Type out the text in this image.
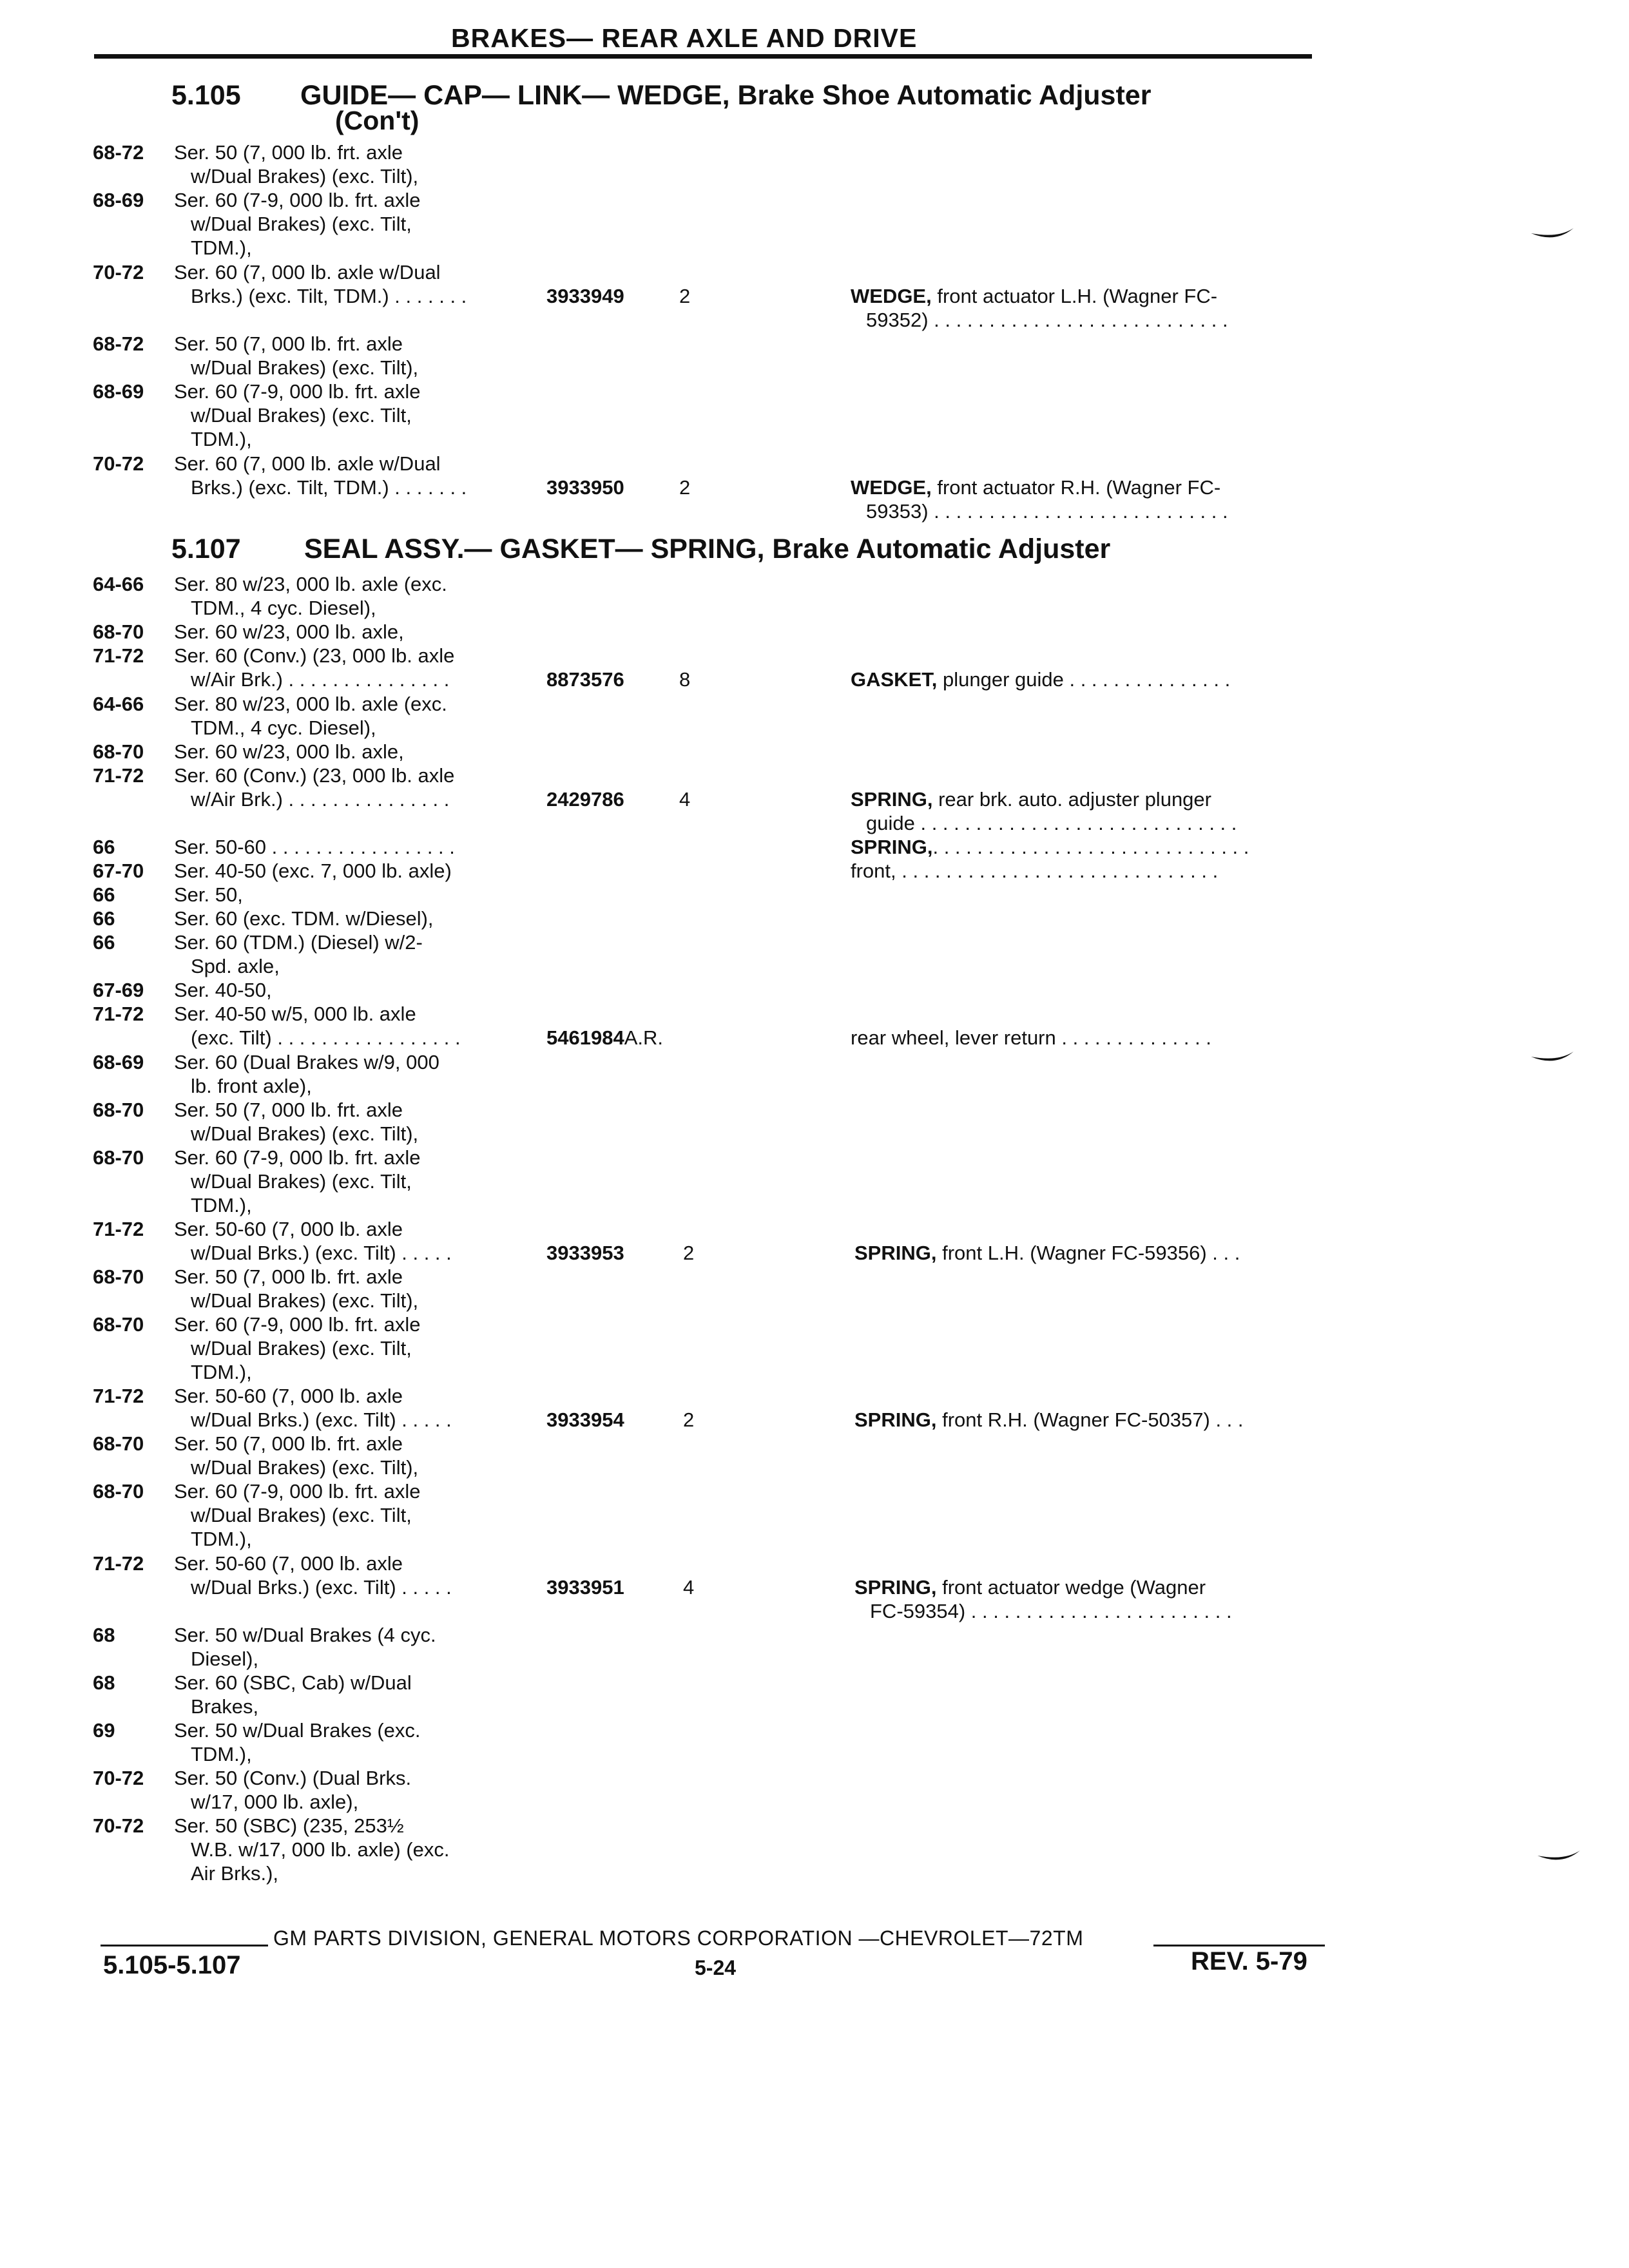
BRAKES— REAR AXLE AND DRIVE
5.105 GUIDE— CAP— LINK— WEDGE, Brake Shoe Automatic Adjuster
(Con't)
5.107 SEAL ASSY.— GASKET— SPRING, Brake Automatic Adjuster
68-72	Ser. 50 (7, 000 lb. frt. axle
w/Dual Brakes) (exc. Tilt),
68-69	Ser. 60 (7-9, 000 lb. frt. axle
w/Dual Brakes) (exc. Tilt,
TDM.),
70-72	Ser. 60 (7, 000 lb. axle w/Dual
Brks.) (exc. Tilt, TDM.) . . . . . . .	3933949	2	WEDGE, front actuator L.H. (Wagner FC-
59352) . . . . . . . . . . . . . . . . . . . . . . . . . . .
68-72	Ser. 50 (7, 000 lb. frt. axle
w/Dual Brakes) (exc. Tilt),
68-69	Ser. 60 (7-9, 000 lb. frt. axle
w/Dual Brakes) (exc. Tilt,
TDM.),
70-72	Ser. 60 (7, 000 lb. axle w/Dual
Brks.) (exc. Tilt, TDM.) . . . . . . .	3933950	2	WEDGE, front actuator R.H. (Wagner FC-
59353) . . . . . . . . . . . . . . . . . . . . . . . . . . .
64-66	Ser. 80 w/23, 000 lb. axle (exc.
TDM., 4 cyc. Diesel),
68-70	Ser. 60 w/23, 000 lb. axle,
71-72	Ser. 60 (Conv.) (23, 000 lb. axle
w/Air Brk.) . . . . . . . . . . . . . . .	8873576	8	GASKET, plunger guide . . . . . . . . . . . . . . .
64-66	Ser. 80 w/23, 000 lb. axle (exc.
TDM., 4 cyc. Diesel),
68-70	Ser. 60 w/23, 000 lb. axle,
71-72	Ser. 60 (Conv.) (23, 000 lb. axle
w/Air Brk.) . . . . . . . . . . . . . . .	2429786	4	SPRING, rear brk. auto. adjuster plunger
guide . . . . . . . . . . . . . . . . . . . . . . . . . . . . .
66	Ser. 50-60 . . . . . . . . . . . . . . . . .	SPRING,. . . . . . . . . . . . . . . . . . . . . . . . . . . . .
67-70	Ser. 40-50 (exc. 7, 000 lb. axle)	front, . . . . . . . . . . . . . . . . . . . . . . . . . . . . .
66	Ser. 50,
66	Ser. 60 (exc. TDM. w/Diesel),
66	Ser. 60 (TDM.) (Diesel) w/2-
Spd. axle,
67-69	Ser. 40-50,
71-72	Ser. 40-50 w/5, 000 lb. axle
(exc. Tilt) . . . . . . . . . . . . . . . . .	5461984A.R.	rear wheel, lever return . . . . . . . . . . . . . .
68-69	Ser. 60 (Dual Brakes w/9, 000
lb. front axle),
68-70	Ser. 50 (7, 000 lb. frt. axle
w/Dual Brakes) (exc. Tilt),
68-70	Ser. 60 (7-9, 000 lb. frt. axle
w/Dual Brakes) (exc. Tilt,
TDM.),
71-72	Ser. 50-60 (7, 000 lb. axle
w/Dual Brks.) (exc. Tilt) . . . . .	3933953	2	SPRING, front L.H. (Wagner FC-59356) . . .
68-70	Ser. 50 (7, 000 lb. frt. axle
w/Dual Brakes) (exc. Tilt),
68-70	Ser. 60 (7-9, 000 lb. frt. axle
w/Dual Brakes) (exc. Tilt,
TDM.),
71-72	Ser. 50-60 (7, 000 lb. axle
w/Dual Brks.) (exc. Tilt) . . . . .	3933954	2	SPRING, front R.H. (Wagner FC-50357) . . .
68-70	Ser. 50 (7, 000 lb. frt. axle
w/Dual Brakes) (exc. Tilt),
68-70	Ser. 60 (7-9, 000 lb. frt. axle
w/Dual Brakes) (exc. Tilt,
TDM.),
71-72	Ser. 50-60 (7, 000 lb. axle
w/Dual Brks.) (exc. Tilt) . . . . .	3933951	4	SPRING, front actuator wedge (Wagner
FC-59354) . . . . . . . . . . . . . . . . . . . . . . . .
68	Ser. 50 w/Dual Brakes (4 cyc.
Diesel),
68	Ser. 60 (SBC, Cab) w/Dual
Brakes,
69	Ser. 50 w/Dual Brakes (exc.
TDM.),
70-72	Ser. 50 (Conv.) (Dual Brks.
w/17, 000 lb. axle),
70-72	Ser. 50 (SBC) (235, 253½
W.B. w/17, 000 lb. axle) (exc.
Air Brks.),
GM PARTS DIVISION, GENERAL MOTORS CORPORATION —CHEVROLET—72TM
5.105-5.107	5-24	REV. 5-79
